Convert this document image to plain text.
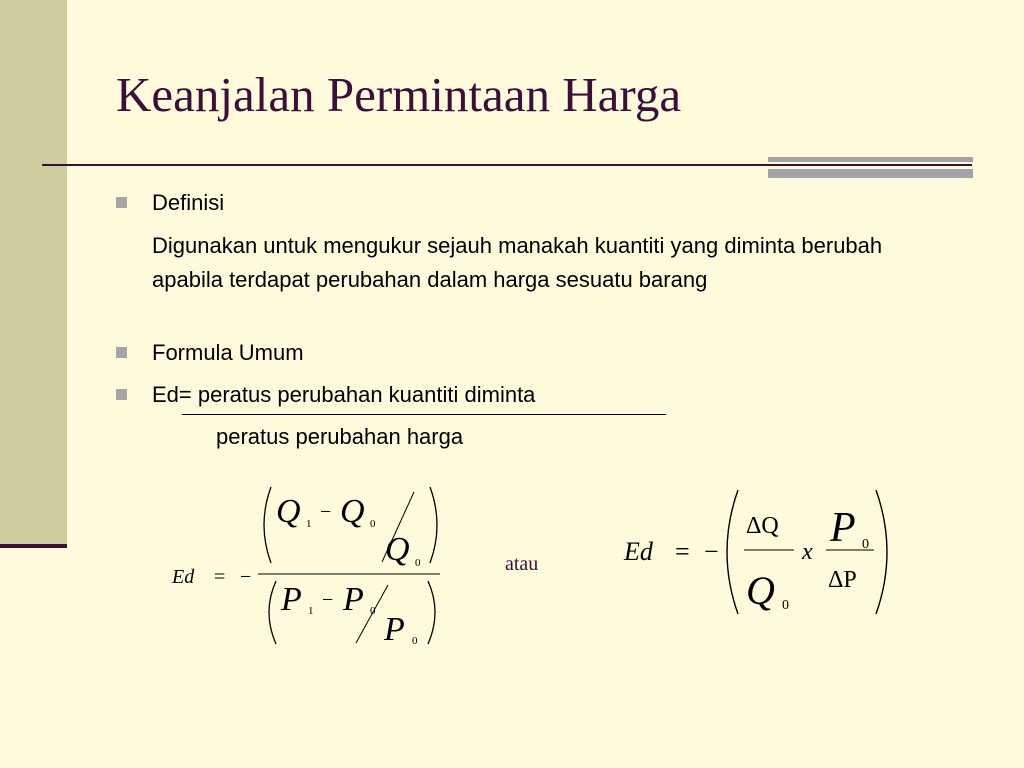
Keanjalan Permintaan Harga
Definisi
Digunakan untuk mengukur sejauh manakah kuantiti yang diminta berubah apabila terdapat perubahan dalam harga sesuatu barang
Formula Umum
Ed= peratus perubahan kuantiti diminta
peratus perubahan harga
atau
Ed = −
Q 1
− Q 0
Q 0
P 1 − P 0 P 0
Ed = −
ΔQ
Q 0
x
P 0
ΔP
